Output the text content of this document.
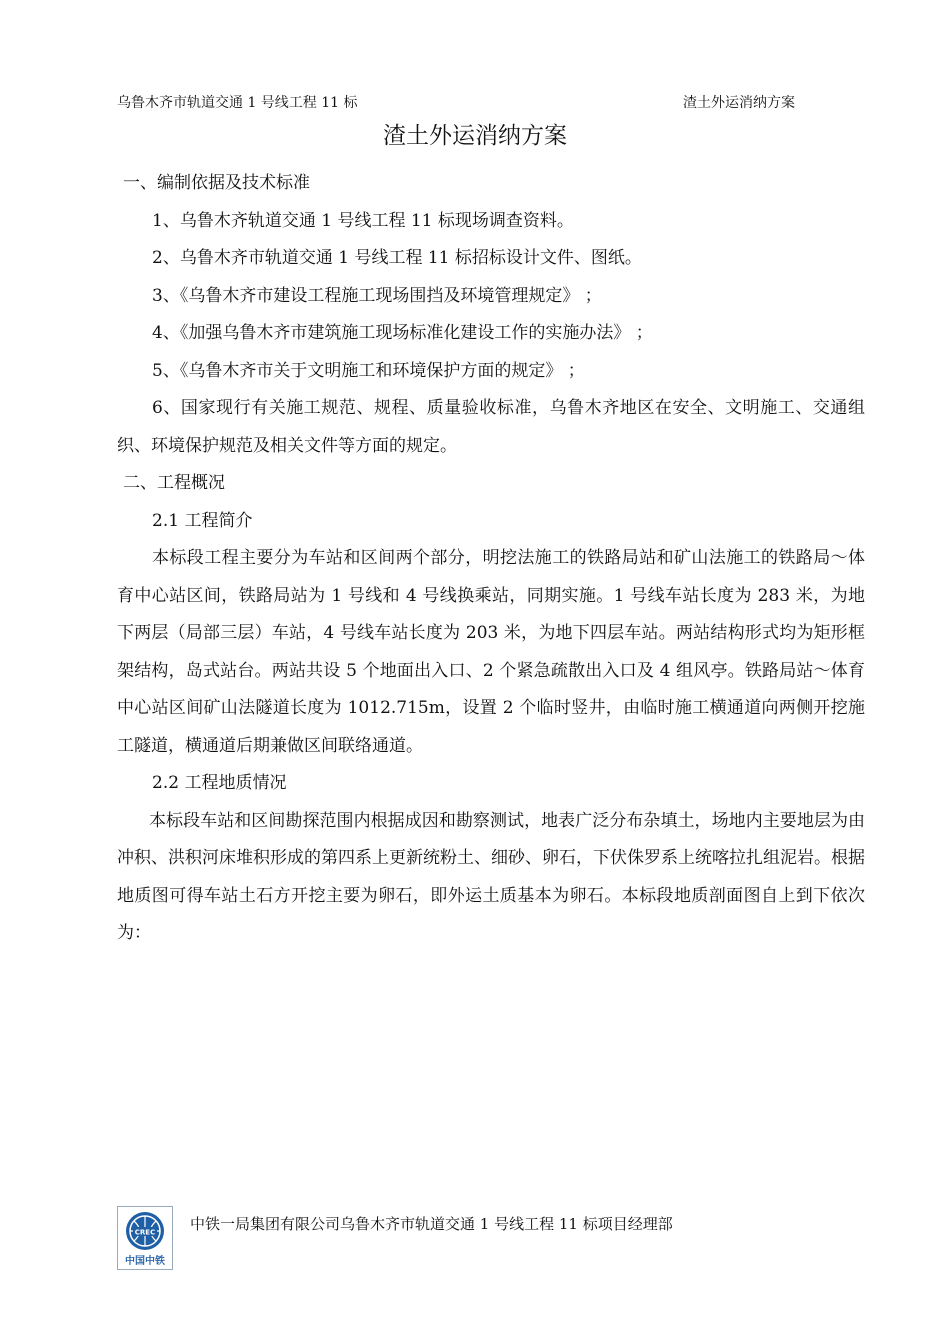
乌鲁木齐市轨道交通 1 号线工程 11 标	渣土外运消纳方案
渣土外运消纳方案

一、编制依据及技术标准

1、乌鲁木齐轨道交通 1 号线工程 11 标现场调查资料。

2、乌鲁木齐市轨道交通 1 号线工程 11 标招标设计文件、图纸。

3、《乌鲁木齐市建设工程施工现场围挡及环境管理规定》 ；

4、《加强乌鲁木齐市建筑施工现场标准化建设工作的实施办法》 ；

5、《乌鲁木齐市关于文明施工和环境保护方面的规定》 ；

6、国家现行有关施工规范、规程、质量验收标准，乌鲁木齐地区在安全、文明施工、交通组织、环境保护规范及相关文件等方面的规定。

二、工程概况

2.1 工程简介

本标段工程主要分为车站和区间两个部分，明挖法施工的铁路局站和矿山法施工的铁路局～体育中心站区间，铁路局站为 1 号线和 4 号线换乘站，同期实施。1 号线车站长度为 283 米，为地下两层（局部三层）车站，4 号线车站长度为 203 米，为地下四层车站。两站结构形式均为矩形框架结构，岛式站台。两站共设 5 个地面出入口、2 个紧急疏散出入口及 4 组风亭。铁路局站～体育中心站区间矿山法隧道长度为 1012.715m，设置 2 个临时竖井，由临时施工横通道向两侧开挖施工隧道，横通道后期兼做区间联络通道。

2.2 工程地质情况

本标段车站和区间勘探范围内根据成因和勘察测试，地表广泛分布杂填土，场地内主要地层为由冲积、洪积河床堆积形成的第四系上更新统粉土、细砂、卵石，下伏侏罗系上统喀拉扎组泥岩。根据地质图可得车站土石方开挖主要为卵石，即外运土质基本为卵石。本标段地质剖面图自上到下依次为：

CREC
中国中铁
中铁一局集团有限公司乌鲁木齐市轨道交通 1 号线工程 11 标项目经理部
